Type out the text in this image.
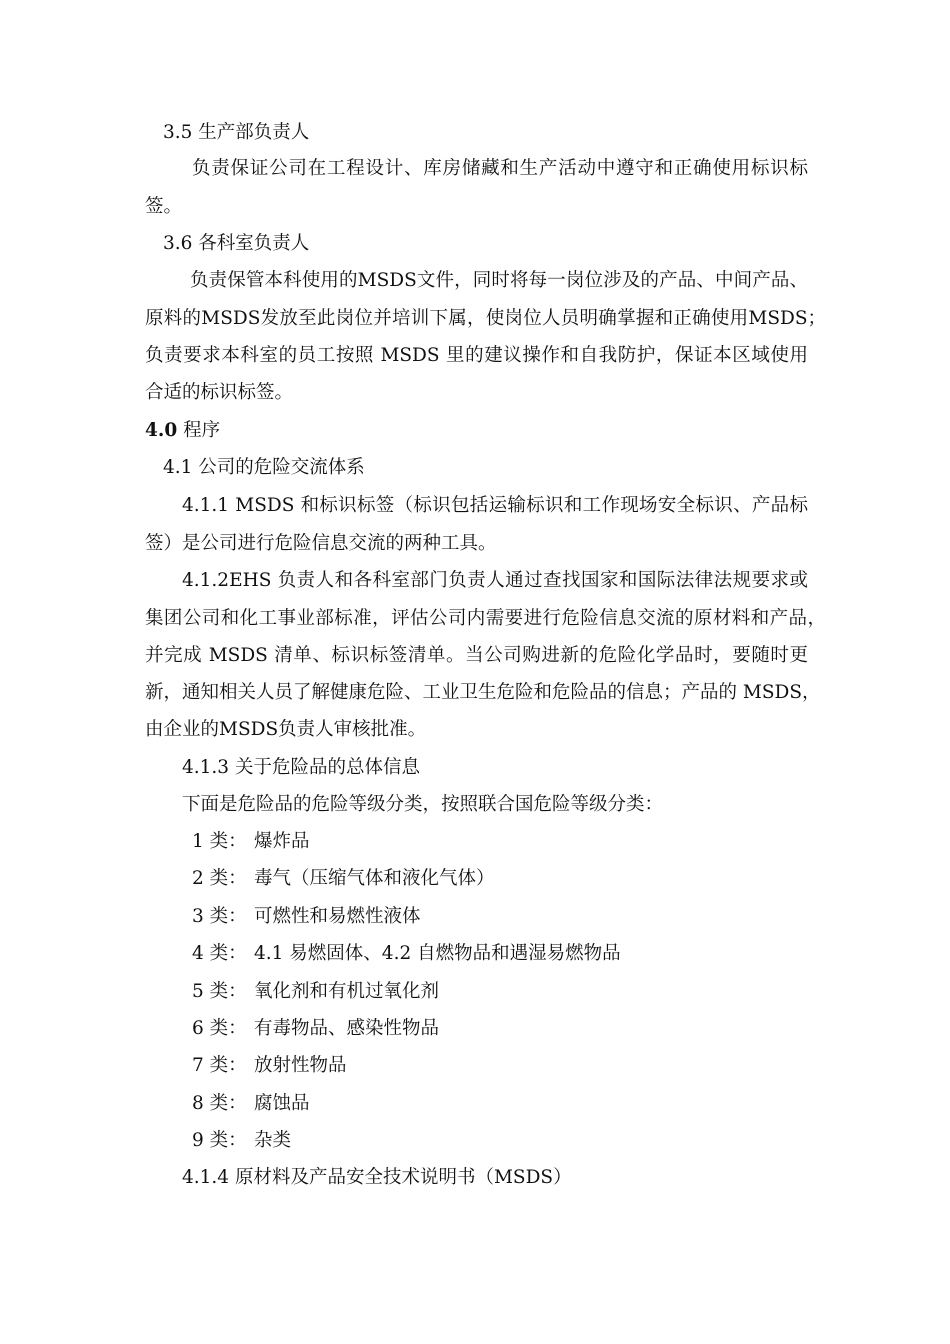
3.5 生产部负责人
负责保证公司在工程设计、库房储藏和生产活动中遵守和正确使用标识标
签。
3.6 各科室负责人
负责保管本科使用的MSDS文件，同时将每一岗位涉及的产品、中间产品、
原料的MSDS发放至此岗位并培训下属，使岗位人员明确掌握和正确使用MSDS；
负责要求本科室的员工按照 MSDS 里的建议操作和自我防护，保证本区域使用
合适的标识标签。
4.0 程序
4.1 公司的危险交流体系
4.1.1 MSDS 和标识标签（标识包括运输标识和工作现场安全标识、产品标
签）是公司进行危险信息交流的两种工具。
4.1.2EHS 负责人和各科室部门负责人通过查找国家和国际法律法规要求或
集团公司和化工事业部标准，评估公司内需要进行危险信息交流的原材料和产品，
并完成 MSDS 清单、标识标签清单。当公司购进新的危险化学品时，要随时更
新，通知相关人员了解健康危险、工业卫生危险和危险品的信息；产品的 MSDS，
由企业的MSDS负责人审核批准。
4.1.3 关于危险品的总体信息
下面是危险品的危险等级分类，按照联合国危险等级分类：
1 类： 爆炸品
2 类： 毒气（压缩气体和液化气体）
3 类： 可燃性和易燃性液体
4 类： 4.1 易燃固体、4.2 自燃物品和遇湿易燃物品
5 类： 氧化剂和有机过氧化剂
6 类： 有毒物品、感染性物品
7 类： 放射性物品
8 类： 腐蚀品
9 类： 杂类
4.1.4 原材料及产品安全技术说明书（MSDS）
